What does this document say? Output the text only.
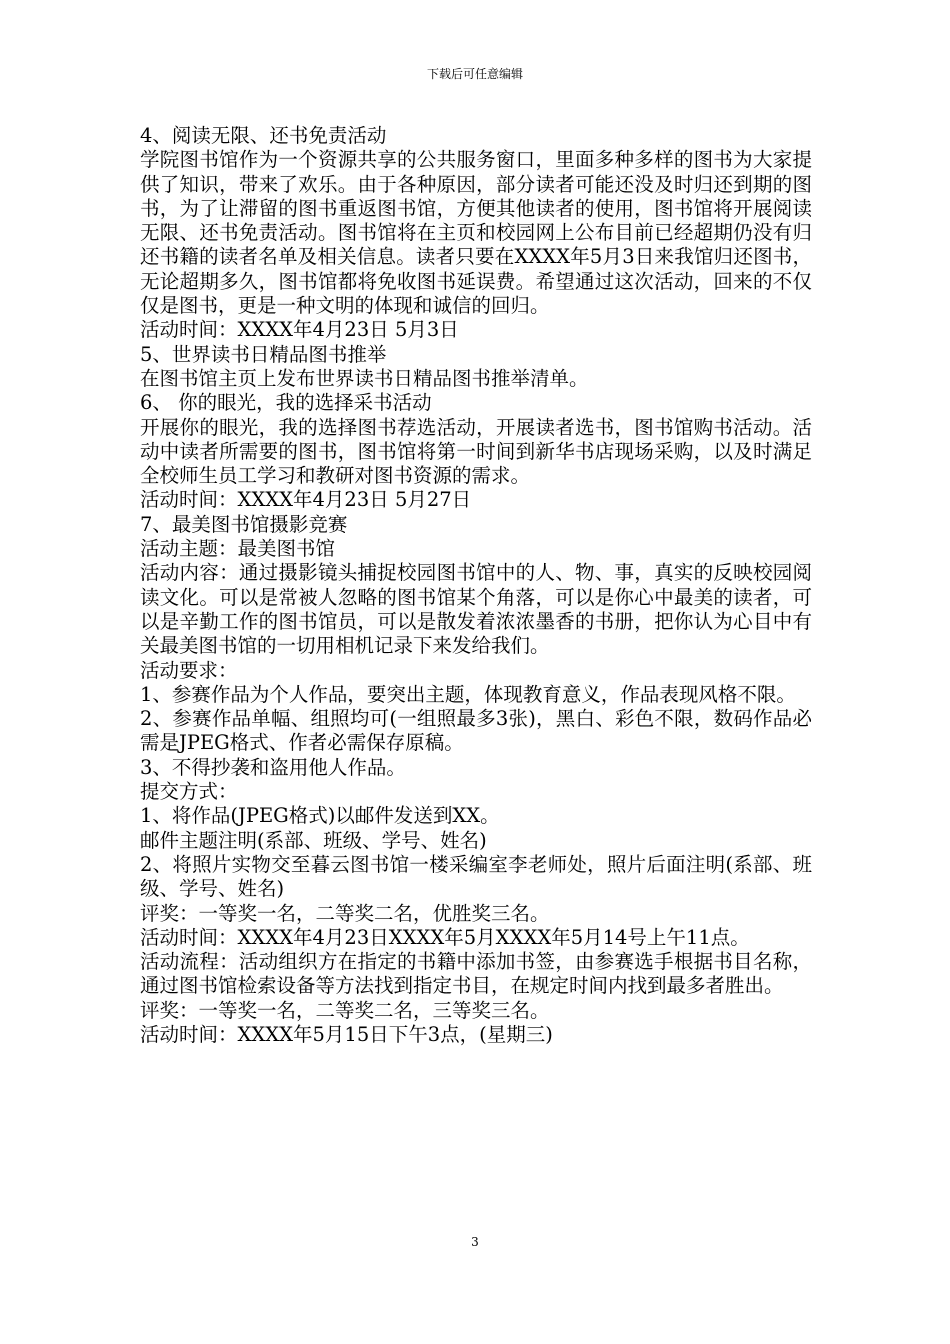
下载后可任意编辑

4、阅读无限、还书免责活动

学院图书馆作为一个资源共享的公共服务窗口，里面多种多样的图书为大家提供了知识，带来了欢乐。由于各种原因，部分读者可能还没及时归还到期的图书，为了让滞留的图书重返图书馆，方便其他读者的使用，图书馆将开展阅读无限、还书免责活动。图书馆将在主页和校园网上公布目前已经超期仍没有归还书籍的读者名单及相关信息。读者只要在XXXX年5月3日来我馆归还图书，无论超期多久，图书馆都将免收图书延误费。希望通过这次活动，回来的不仅仅是图书，更是一种文明的体现和诚信的回归。

活动时间：XXXX年4月23日 5月3日

5、世界读书日精品图书推举

在图书馆主页上发布世界读书日精品图书推举清单。

6、 你的眼光，我的选择采书活动

开展你的眼光，我的选择图书荐选活动，开展读者选书，图书馆购书活动。活动中读者所需要的图书，图书馆将第一时间到新华书店现场采购，以及时满足全校师生员工学习和教研对图书资源的需求。

活动时间：XXXX年4月23日 5月27日

7、最美图书馆摄影竞赛

活动主题：最美图书馆

活动内容：通过摄影镜头捕捉校园图书馆中的人、物、事，真实的反映校园阅读文化。可以是常被人忽略的图书馆某个角落，可以是你心中最美的读者，可以是辛勤工作的图书馆员，可以是散发着浓浓墨香的书册，把你认为心目中有关最美图书馆的一切用相机记录下来发给我们。

活动要求：

1、参赛作品为个人作品，要突出主题，体现教育意义，作品表现风格不限。

2、参赛作品单幅、组照均可(一组照最多3张)，黑白、彩色不限，数码作品必需是JPEG格式、作者必需保存原稿。

3、不得抄袭和盗用他人作品。

提交方式：

1、将作品(JPEG格式)以邮件发送到XX。

邮件主题注明(系部、班级、学号、姓名)

2、将照片实物交至暮云图书馆一楼采编室李老师处，照片后面注明(系部、班级、学号、姓名)

评奖：一等奖一名，二等奖二名，优胜奖三名。

活动时间：XXXX年4月23日XXXX年5月XXXX年5月14号上午11点。

活动流程：活动组织方在指定的书籍中添加书签，由参赛选手根据书目名称，通过图书馆检索设备等方法找到指定书目，在规定时间内找到最多者胜出。

评奖：一等奖一名，二等奖二名，三等奖三名。

活动时间：XXXX年5月15日下午3点，(星期三)

3
